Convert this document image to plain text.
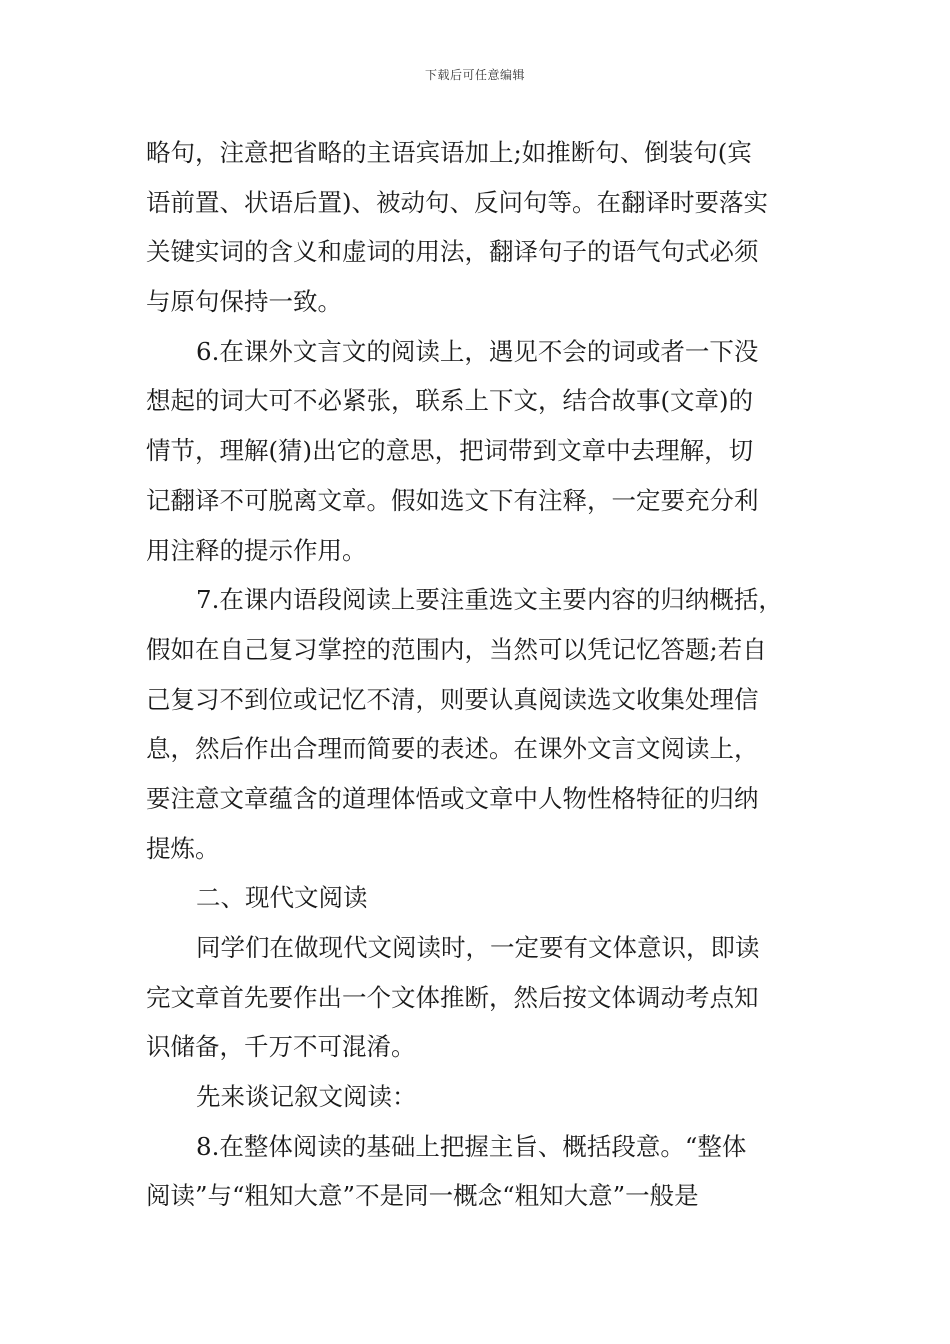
下载后可任意编辑
略句，注意把省略的主语宾语加上;如推断句、倒装句(宾
语前置、状语后置)、被动句、反问句等。在翻译时要落实
关键实词的含义和虚词的用法，翻译句子的语气句式必须
与原句保持一致。
6.在课外文言文的阅读上，遇见不会的词或者一下没
想起的词大可不必紧张，联系上下文，结合故事(文章)的
情节，理解(猜)出它的意思，把词带到文章中去理解，切
记翻译不可脱离文章。假如选文下有注释，一定要充分利
用注释的提示作用。
7.在课内语段阅读上要注重选文主要内容的归纳概括，
假如在自己复习掌控的范围内，当然可以凭记忆答题;若自
己复习不到位或记忆不清，则要认真阅读选文收集处理信
息，然后作出合理而简要的表述。在课外文言文阅读上，
要注意文章蕴含的道理体悟或文章中人物性格特征的归纳
提炼。
二、现代文阅读
同学们在做现代文阅读时，一定要有文体意识，即读
完文章首先要作出一个文体推断，然后按文体调动考点知
识储备，千万不可混淆。
先来谈记叙文阅读：
8.在整体阅读的基础上把握主旨、概括段意。“整体
阅读”与“粗知大意”不是同一概念“粗知大意”一般是
